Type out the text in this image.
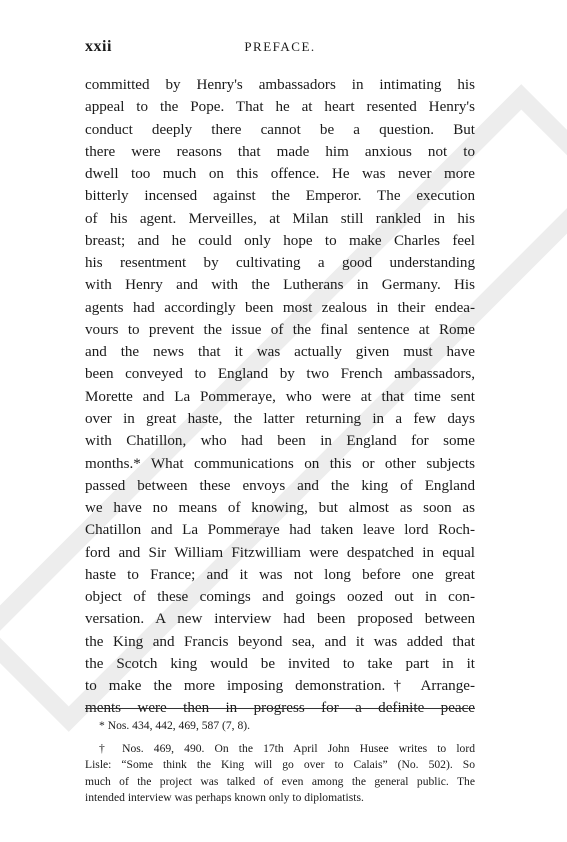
xxii	PREFACE.
committed by Henry's ambassadors in intimating his
appeal to the Pope. That he at heart resented Henry's
conduct deeply there cannot be a question. But
there were reasons that made him anxious not to
dwell too much on this offence. He was never more
bitterly incensed against the Emperor. The execution
of his agent. Merveilles, at Milan still rankled in his
breast; and he could only hope to make Charles feel
his resentment by cultivating a good understanding
with Henry and with the Lutherans in Germany. His
agents had accordingly been most zealous in their endea-
vours to prevent the issue of the final sentence at Rome
and the news that it was actually given must have
been conveyed to England by two French ambassadors,
Morette and La Pommeraye, who were at that time sent
over in great haste, the latter returning in a few days
with Chatillon, who had been in England for some
months.* What communications on this or other subjects
passed between these envoys and the king of England
we have no means of knowing, but almost as soon as
Chatillon and La Pommeraye had taken leave lord Roch-
ford and Sir William Fitzwilliam were despatched in equal
haste to France; and it was not long before one great
object of these comings and goings oozed out in con-
versation. A new interview had been proposed between
the King and Francis beyond sea, and it was added that
the Scotch king would be invited to take part in it
to make the more imposing demonstration.† Arrange-
ments were then in progress for a definite peace
* Nos. 434, 442, 469, 587 (7, 8).
† Nos. 469, 490. On the 17th April John Husee writes to lord
Lisle: “Some think the King will go over to Calais” (No. 502). So
much of the project was talked of even among the general public. The
intended interview was perhaps known only to diplomatists.
